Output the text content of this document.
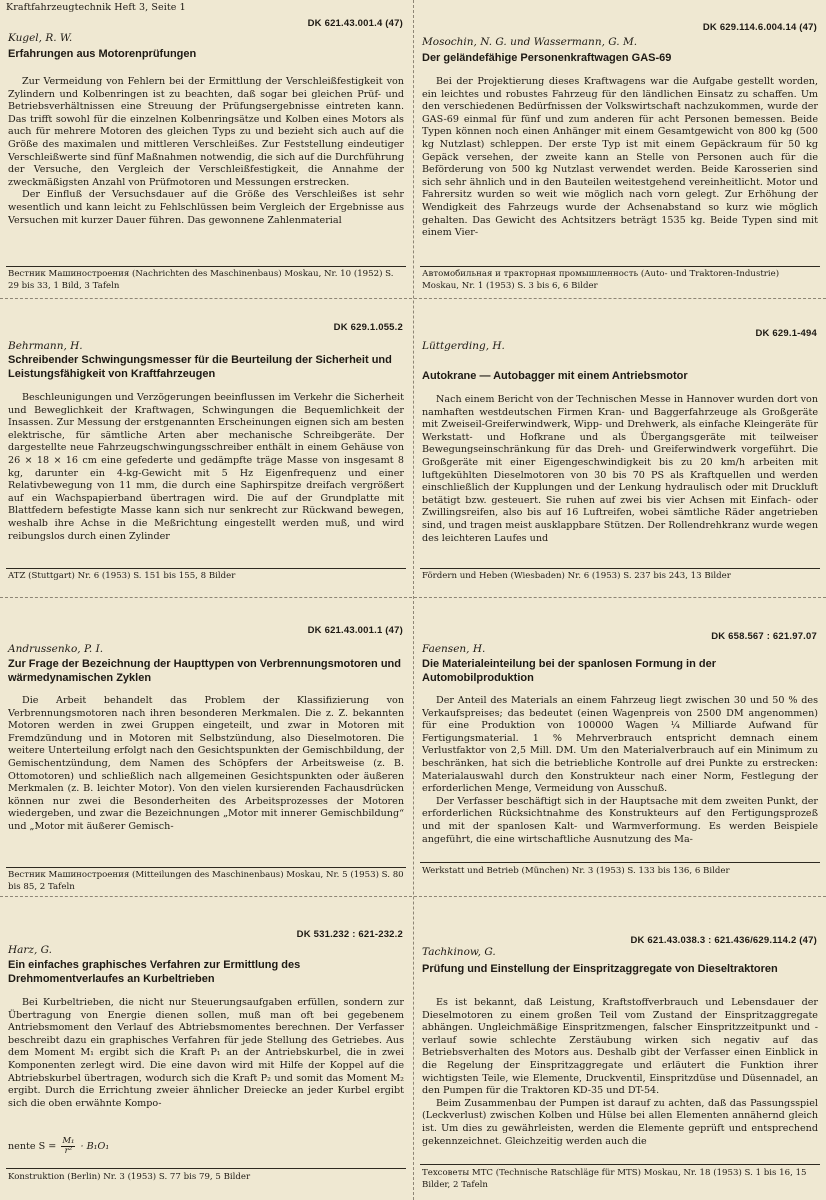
Kraftfahrzeugtechnik Heft 3, Seite 1
DK 621.43.001.4 (47)
Kugel, R. W.
Erfahrungen aus Motorenprüfungen

Zur Vermeidung von Fehlern bei der Ermittlung der Verschleißfestigkeit von Zylindern und Kolbenringen ist zu beachten, daß sogar bei gleichen Prüf- und Betriebsverhältnissen eine Streuung der Prüfungsergebnisse eintreten kann. Das trifft sowohl für die einzelnen Kolbenringsätze und Kolben eines Motors als auch für mehrere Motoren des gleichen Typs zu und bezieht sich auch auf die Größe des maximalen und mittleren Verschleißes. Zur Feststellung eindeutiger Verschleißwerte sind fünf Maßnahmen notwendig, die sich auf die Durchführung der Versuche, den Vergleich der Verschleißfestigkeit, die Annahme der zweckmäßigsten Anzahl von Prüfmotoren und Messungen erstrecken.

Der Einfluß der Versuchsdauer auf die Größe des Verschleißes ist sehr wesentlich und kann leicht zu Fehlschlüssen beim Vergleich der Ergebnisse aus Versuchen mit kurzer Dauer führen. Das gewonnene Zahlenmaterial

Вестник Машиностроения (Nachrichten des Maschinenbaus) Moskau, Nr. 10 (1952) S. 29 bis 33, 1 Bild, 3 Tafeln
DK 629.114.6.004.14 (47)
Mosochin, N. G. und Wassermann, G. M.
Der geländefähige Personenkraftwagen GAS-69

Bei der Projektierung dieses Kraftwagens war die Aufgabe gestellt worden, ein leichtes und robustes Fahrzeug für den ländlichen Einsatz zu schaffen. Um den verschiedenen Bedürfnissen der Volkswirtschaft nachzukommen, wurde der GAS-69 einmal für fünf und zum anderen für acht Personen bemessen. Beide Typen können noch einen Anhänger mit einem Gesamtgewicht von 800 kg (500 kg Nutzlast) schleppen. Der erste Typ ist mit einem Gepäckraum für 50 kg Gepäck versehen, der zweite kann an Stelle von Personen auch für die Beförderung von 500 kg Nutzlast verwendet werden. Beide Karosserien sind sich sehr ähnlich und in den Bauteilen weitestgehend vereinheitlicht. Motor und Fahrersitz wurden so weit wie möglich nach vorn gelegt. Zur Erhöhung der Wendigkeit des Fahrzeugs wurde der Achsenabstand so kurz wie möglich gehalten. Das Gewicht des Achtsitzers beträgt 1535 kg. Beide Typen sind mit einem Vier-

Автомобильная и тракторная промышленность (Auto- und Traktoren-Industrie) Moskau, Nr. 1 (1953) S. 3 bis 6, 6 Bilder
DK 629.1.055.2
Behrmann, H.
Schreibender Schwingungsmesser für die Beurteilung der Sicherheit und Leistungsfähigkeit von Kraftfahrzeugen

Beschleunigungen und Verzögerungen beeinflussen im Verkehr die Sicherheit und Beweglichkeit der Kraftwagen, Schwingungen die Bequemlichkeit der Insassen. Zur Messung der erstgenannten Erscheinungen eignen sich am besten elektrische, für sämtliche Arten aber mechanische Schreibgeräte. Der dargestellte neue Fahrzeugschwingungsschreiber enthält in einem Gehäuse von 26 × 18 × 16 cm eine gefederte und gedämpfte träge Masse von insgesamt 8 kg, darunter ein 4-kg-Gewicht mit 5 Hz Eigenfrequenz und einer Relativbewegung von 11 mm, die durch eine Saphirspitze dreifach vergrößert auf ein Wachspapierband übertragen wird. Die auf der Grundplatte mit Blattfedern befestigte Masse kann sich nur senkrecht zur Rückwand bewegen, weshalb ihre Achse in die Meßrichtung eingestellt werden muß, und wird reibungslos durch einen Zylinder

ATZ (Stuttgart) Nr. 6 (1953) S. 151 bis 155, 8 Bilder
DK 629.1-494
Lüttgerding, H.
Autokrane — Autobagger mit einem Antriebsmotor

Nach einem Bericht von der Technischen Messe in Hannover wurden dort von namhaften westdeutschen Firmen Kran- und Baggerfahrzeuge als Großgeräte mit Zweiseil-Greiferwindwerk, Wipp- und Drehwerk, als einfache Kleingeräte für Werkstatt- und Hofkrane und als Übergangsgeräte mit teilweiser Bewegungseinschränkung für das Dreh- und Greiferwindwerk vorgeführt. Die Großgeräte mit einer Eigengeschwindigkeit bis zu 20 km/h arbeiten mit luftgekühlten Dieselmotoren von 30 bis 70 PS als Kraftquellen und werden einschließlich der Kupplungen und der Lenkung hydraulisch oder mit Druckluft betätigt bzw. gesteuert. Sie ruhen auf zwei bis vier Achsen mit Einfach- oder Zwillingsreifen, also bis auf 16 Luftreifen, wobei sämtliche Räder angetrieben sind, und tragen meist ausklappbare Stützen. Der Rollendrehkranz wurde wegen des leichteren Laufes und

Fördern und Heben (Wiesbaden) Nr. 6 (1953) S. 237 bis 243, 13 Bilder
DK 621.43.001.1 (47)
Andrussenko, P. I.
Zur Frage der Bezeichnung der Haupttypen von Verbrennungsmotoren und wärmedynamischen Zyklen

Die Arbeit behandelt das Problem der Klassifizierung von Verbrennungsmotoren nach ihren besonderen Merkmalen. Die z. Z. bekannten Motoren werden in zwei Gruppen eingeteilt, und zwar in Motoren mit Fremdzündung und in Motoren mit Selbstzündung, also Dieselmotoren. Die weitere Unterteilung erfolgt nach den Gesichtspunkten der Gemischbildung, der Gemischentzündung, dem Namen des Schöpfers der Arbeitsweise (z. B. Ottomotoren) und schließlich nach allgemeinen Gesichtspunkten oder äußeren Merkmalen (z. B. leichter Motor). Von den vielen kursierenden Fachausdrücken können nur zwei die Besonderheiten des Arbeitsprozesses der Motoren wiedergeben, und zwar die Bezeichnungen „Motor mit innerer Gemischbildung“ und „Motor mit äußerer Gemisch-

Вестник Машиностроения (Mitteilungen des Maschinenbaus) Moskau, Nr. 5 (1953) S. 80 bis 85, 2 Tafeln
DK 658.567 : 621.97.07
Faensen, H.
Die Materialeinteilung bei der spanlosen Formung in der Automobilproduktion

Der Anteil des Materials an einem Fahrzeug liegt zwischen 30 und 50 % des Verkaufspreises; das bedeutet (einen Wagenpreis von 2500 DM angenommen) für eine Produktion von 100000 Wagen ¼ Milliarde Aufwand für Fertigungsmaterial. 1 % Mehrverbrauch entspricht demnach einem Verlustfaktor von 2,5 Mill. DM. Um den Materialverbrauch auf ein Minimum zu beschränken, hat sich die betriebliche Kontrolle auf drei Punkte zu erstrecken: Materialauswahl durch den Konstrukteur nach einer Norm, Festlegung der erforderlichen Menge, Vermeidung von Ausschuß.

Der Verfasser beschäftigt sich in der Hauptsache mit dem zweiten Punkt, der erforderlichen Rücksichtnahme des Konstrukteurs auf den Fertigungsprozeß und mit der spanlosen Kalt- und Warmverformung. Es werden Beispiele angeführt, die eine wirtschaftliche Ausnutzung des Ma-

Werkstatt und Betrieb (München) Nr. 3 (1953) S. 133 bis 136, 6 Bilder
DK 531.232 : 621-232.2
Harz, G.
Ein einfaches graphisches Verfahren zur Ermittlung des Drehmomentverlaufes an Kurbeltrieben

Bei Kurbeltrieben, die nicht nur Steuerungsaufgaben erfüllen, sondern zur Übertragung von Energie dienen sollen, muß man oft bei gegebenem Antriebsmoment den Verlauf des Abtriebsmomentes berechnen. Der Verfasser beschreibt dazu ein graphisches Verfahren für jede Stellung des Getriebes. Aus dem Moment M₁ ergibt sich die Kraft P₁ an der Antriebskurbel, die in zwei Komponenten zerlegt wird. Die eine davon wird mit Hilfe der Koppel auf die Abtriebskurbel übertragen, wodurch sich die Kraft P₂ und somit das Moment M₂ ergibt. Durch die Errichtung zweier ähnlicher Dreiecke an jeder Kurbel ergibt sich die oben erwähnte Kompo-

nente $S = \frac{\text{M₁}}{\text{r²}} \cdot B_1O_1$
Konstruktion (Berlin) Nr. 3 (1953) S. 77 bis 79, 5 Bilder
DK 621.43.038.3 : 621.436/629.114.2 (47)
Tachkinow, G.
Prüfung und Einstellung der Einspritzaggregate von Dieseltraktoren

Es ist bekannt, daß Leistung, Kraftstoffverbrauch und Lebensdauer der Dieselmotoren zu einem großen Teil vom Zustand der Einspritzaggregate abhängen. Ungleichmäßige Einspritzmengen, falscher Einspritzzeitpunkt und -verlauf sowie schlechte Zerstäubung wirken sich negativ auf das Betriebsverhalten des Motors aus. Deshalb gibt der Verfasser einen Einblick in die Regelung der Einspritzaggregate und erläutert die Funktion ihrer wichtigsten Teile, wie Elemente, Druckventil, Einspritzdüse und Düsennadel, an den Pumpen für die Traktoren KD-35 und DT-54.

Beim Zusammenbau der Pumpen ist darauf zu achten, daß das Passungsspiel (Leckverlust) zwischen Kolben und Hülse bei allen Elementen annähernd gleich ist. Um dies zu gewährleisten, werden die Elemente geprüft und entsprechend gekennzeichnet. Gleichzeitig werden auch die

Техсоветы МТС (Technische Ratschläge für MTS) Moskau, Nr. 18 (1953) S. 1 bis 16, 15 Bilder, 2 Tafeln
